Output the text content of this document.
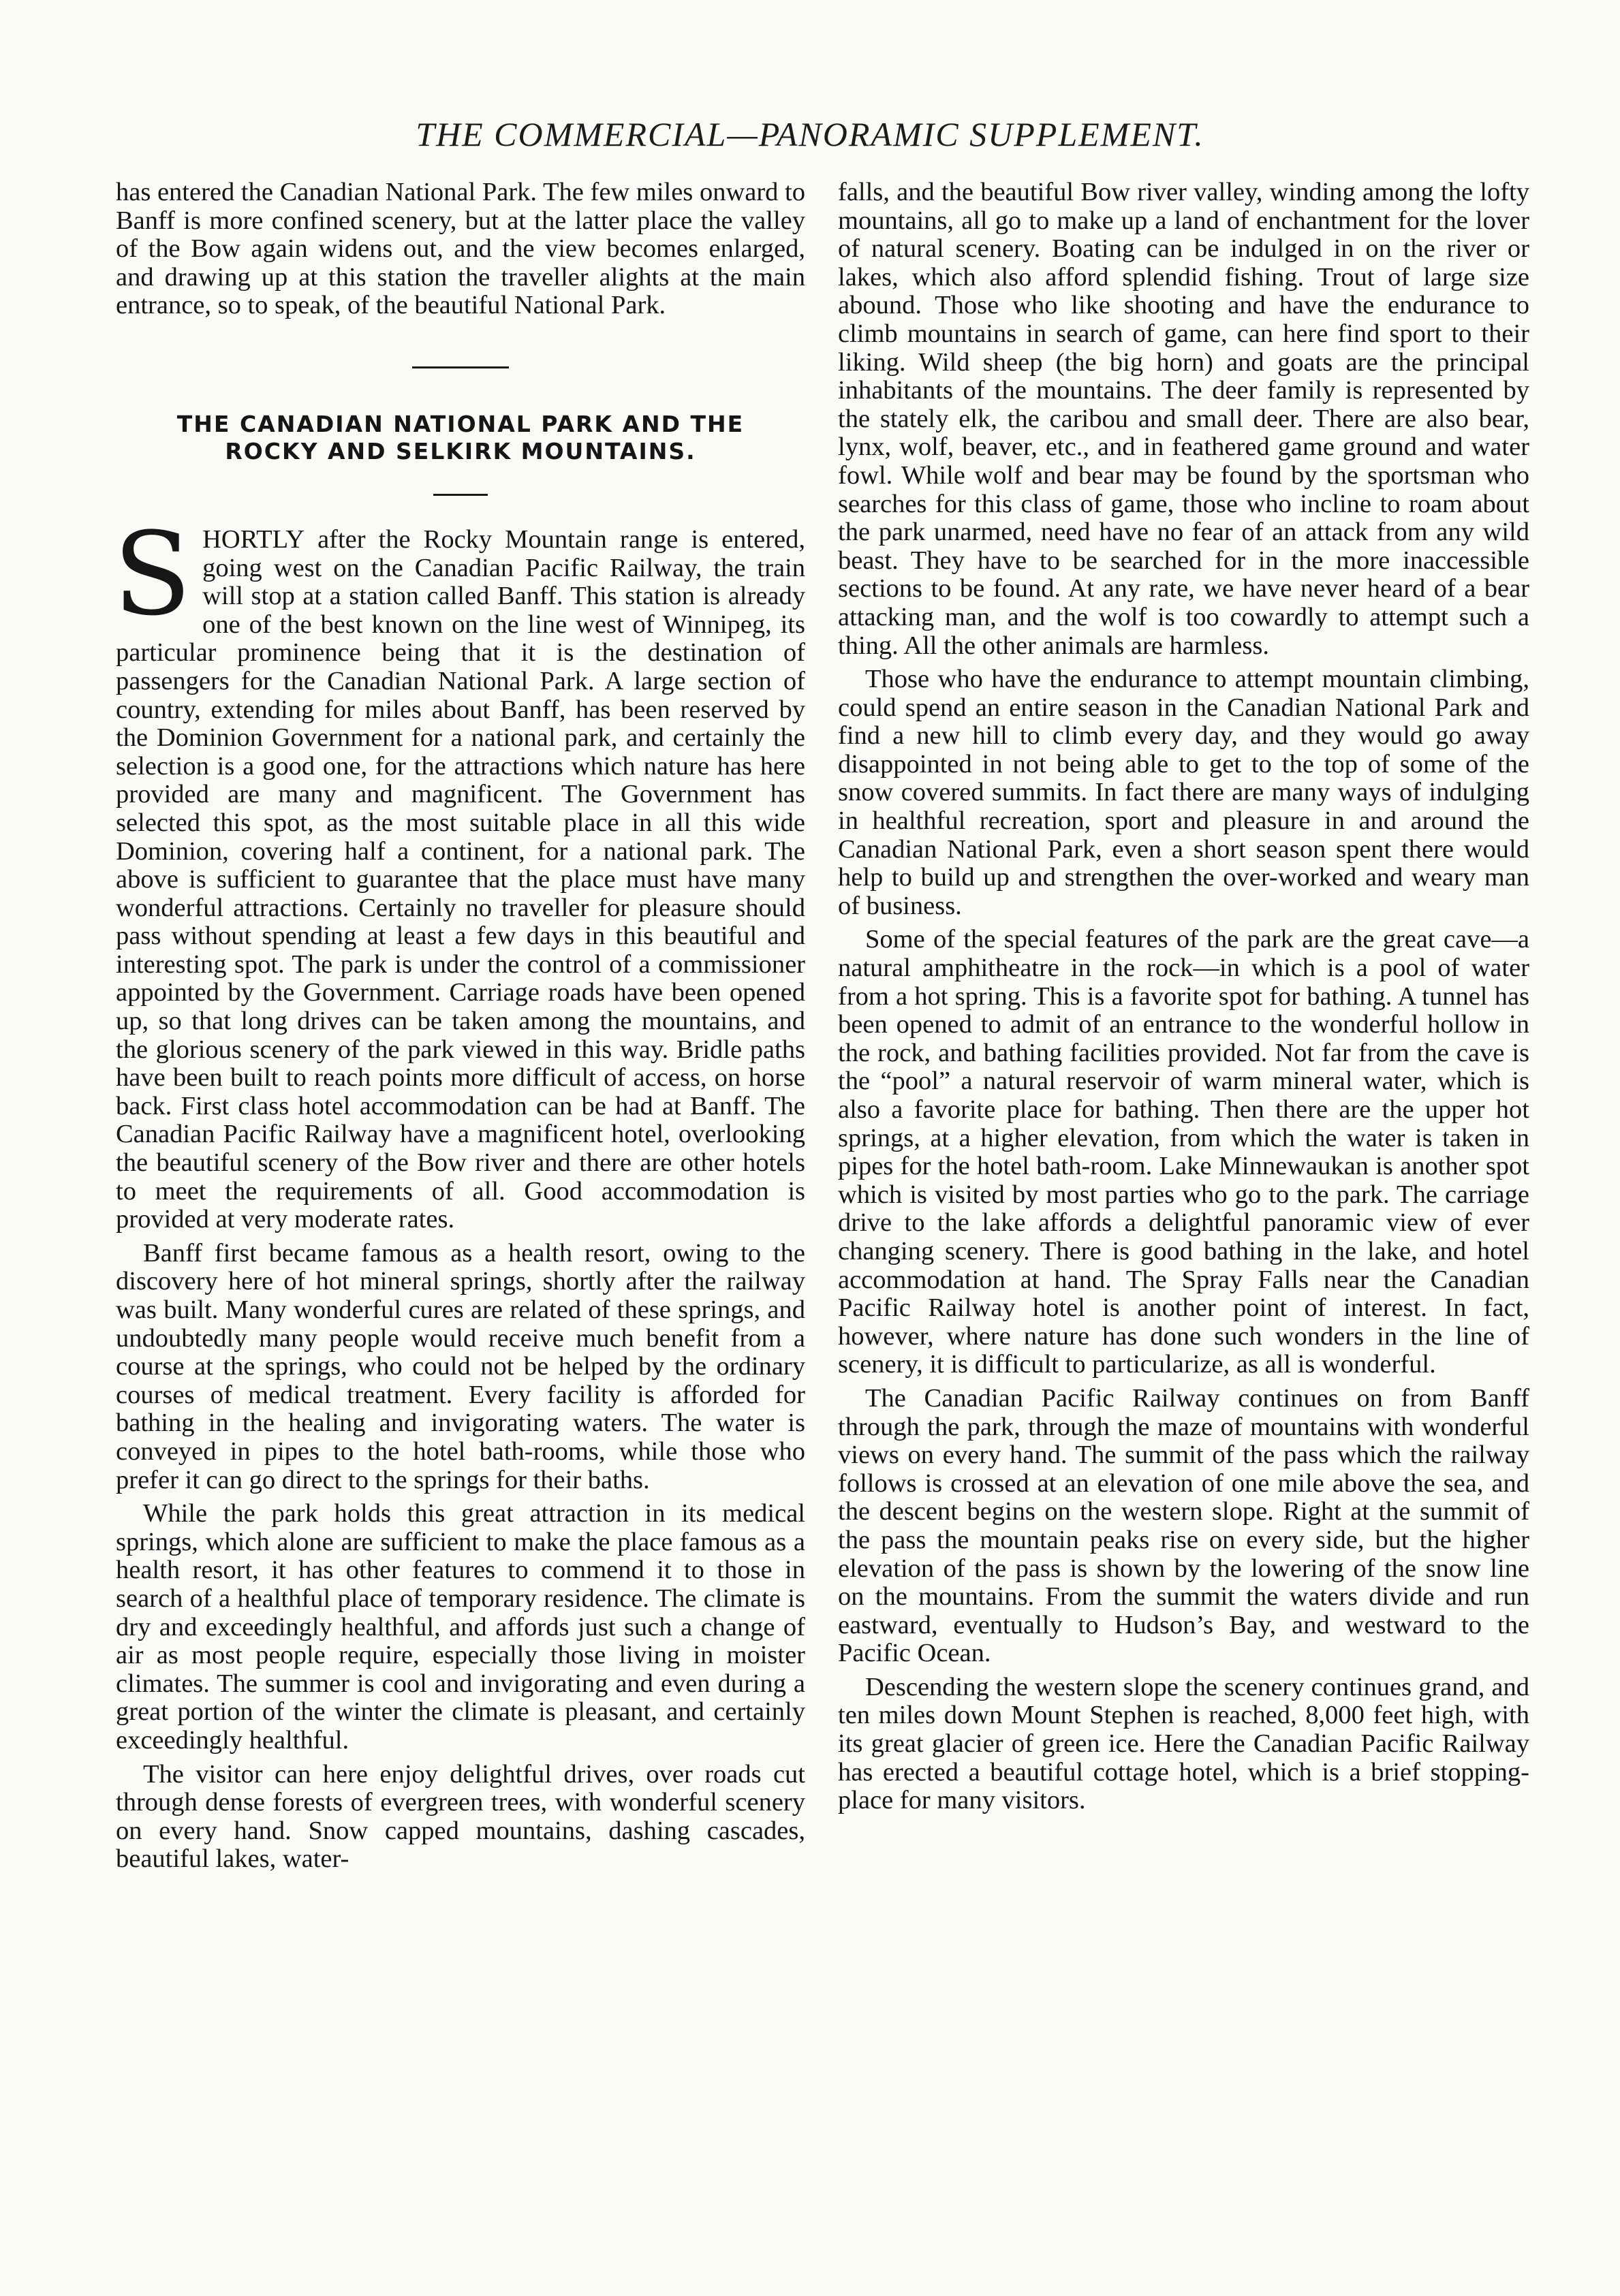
THE COMMERCIAL—PANORAMIC SUPPLEMENT.

has entered the Canadian National Park. The few miles onward to Banff is more confined scenery, but at the latter place the valley of the Bow again widens out, and the view becomes enlarged, and drawing up at this station the traveller alights at the main entrance, so to speak, of the beautiful National Park.

THE CANADIAN NATIONAL PARK AND THE
ROCKY AND SELKIRK MOUNTAINS.

SHORTLY after the Rocky Mountain range is entered, going west on the Canadian Pacific Railway, the train will stop at a station called Banff. This station is already one of the best known on the line west of Winnipeg, its particular prominence being that it is the destination of passengers for the Canadian National Park. A large section of country, extending for miles about Banff, has been reserved by the Dominion Government for a national park, and certainly the selection is a good one, for the attractions which nature has here provided are many and magnificent. The Government has selected this spot, as the most suitable place in all this wide Dominion, covering half a continent, for a national park. The above is sufficient to guarantee that the place must have many wonderful attractions. Certainly no traveller for pleasure should pass without spending at least a few days in this beautiful and interesting spot. The park is under the control of a commissioner appointed by the Government. Carriage roads have been opened up, so that long drives can be taken among the mountains, and the glorious scenery of the park viewed in this way. Bridle paths have been built to reach points more difficult of access, on horse back. First class hotel accommodation can be had at Banff. The Canadian Pacific Railway have a magnificent hotel, overlooking the beautiful scenery of the Bow river and there are other hotels to meet the requirements of all. Good accommodation is provided at very moderate rates.

Banff first became famous as a health resort, owing to the discovery here of hot mineral springs, shortly after the railway was built. Many wonderful cures are related of these springs, and undoubtedly many people would receive much benefit from a course at the springs, who could not be helped by the ordinary courses of medical treatment. Every facility is afforded for bathing in the healing and invigorating waters. The water is conveyed in pipes to the hotel bath-rooms, while those who prefer it can go direct to the springs for their baths.

While the park holds this great attraction in its medical springs, which alone are sufficient to make the place famous as a health resort, it has other features to commend it to those in search of a healthful place of temporary residence. The climate is dry and exceedingly healthful, and affords just such a change of air as most people require, especially those living in moister climates. The summer is cool and invigorating and even during a great portion of the winter the climate is pleasant, and certainly exceedingly healthful.

The visitor can here enjoy delightful drives, over roads cut through dense forests of evergreen trees, with wonderful scenery on every hand. Snow capped mountains, dashing cascades, beautiful lakes, water-

falls, and the beautiful Bow river valley, winding among the lofty mountains, all go to make up a land of enchantment for the lover of natural scenery. Boating can be indulged in on the river or lakes, which also afford splendid fishing. Trout of large size abound. Those who like shooting and have the endurance to climb mountains in search of game, can here find sport to their liking. Wild sheep (the big horn) and goats are the principal inhabitants of the mountains. The deer family is represented by the stately elk, the caribou and small deer. There are also bear, lynx, wolf, beaver, etc., and in feathered game ground and water fowl. While wolf and bear may be found by the sportsman who searches for this class of game, those who incline to roam about the park unarmed, need have no fear of an attack from any wild beast. They have to be searched for in the more inaccessible sections to be found. At any rate, we have never heard of a bear attacking man, and the wolf is too cowardly to attempt such a thing. All the other animals are harmless.

Those who have the endurance to attempt mountain climbing, could spend an entire season in the Canadian National Park and find a new hill to climb every day, and they would go away disappointed in not being able to get to the top of some of the snow covered summits. In fact there are many ways of indulging in healthful recreation, sport and pleasure in and around the Canadian National Park, even a short season spent there would help to build up and strengthen the over-worked and weary man of business.

Some of the special features of the park are the great cave—a natural amphitheatre in the rock—in which is a pool of water from a hot spring. This is a favorite spot for bathing. A tunnel has been opened to admit of an entrance to the wonderful hollow in the rock, and bathing facilities provided. Not far from the cave is the “pool” a natural reservoir of warm mineral water, which is also a favorite place for bathing. Then there are the upper hot springs, at a higher elevation, from which the water is taken in pipes for the hotel bath-room. Lake Minnewaukan is another spot which is visited by most parties who go to the park. The carriage drive to the lake affords a delightful panoramic view of ever changing scenery. There is good bathing in the lake, and hotel accommodation at hand. The Spray Falls near the Canadian Pacific Railway hotel is another point of interest. In fact, however, where nature has done such wonders in the line of scenery, it is difficult to particularize, as all is wonderful.

The Canadian Pacific Railway continues on from Banff through the park, through the maze of mountains with wonderful views on every hand. The summit of the pass which the railway follows is crossed at an elevation of one mile above the sea, and the descent begins on the western slope. Right at the summit of the pass the mountain peaks rise on every side, but the higher elevation of the pass is shown by the lowering of the snow line on the mountains. From the summit the waters divide and run eastward, eventually to Hudson’s Bay, and westward to the Pacific Ocean.

Descending the western slope the scenery continues grand, and ten miles down Mount Stephen is reached, 8,000 feet high, with its great glacier of green ice. Here the Canadian Pacific Railway has erected a beautiful cottage hotel, which is a brief stopping-place for many visitors.
